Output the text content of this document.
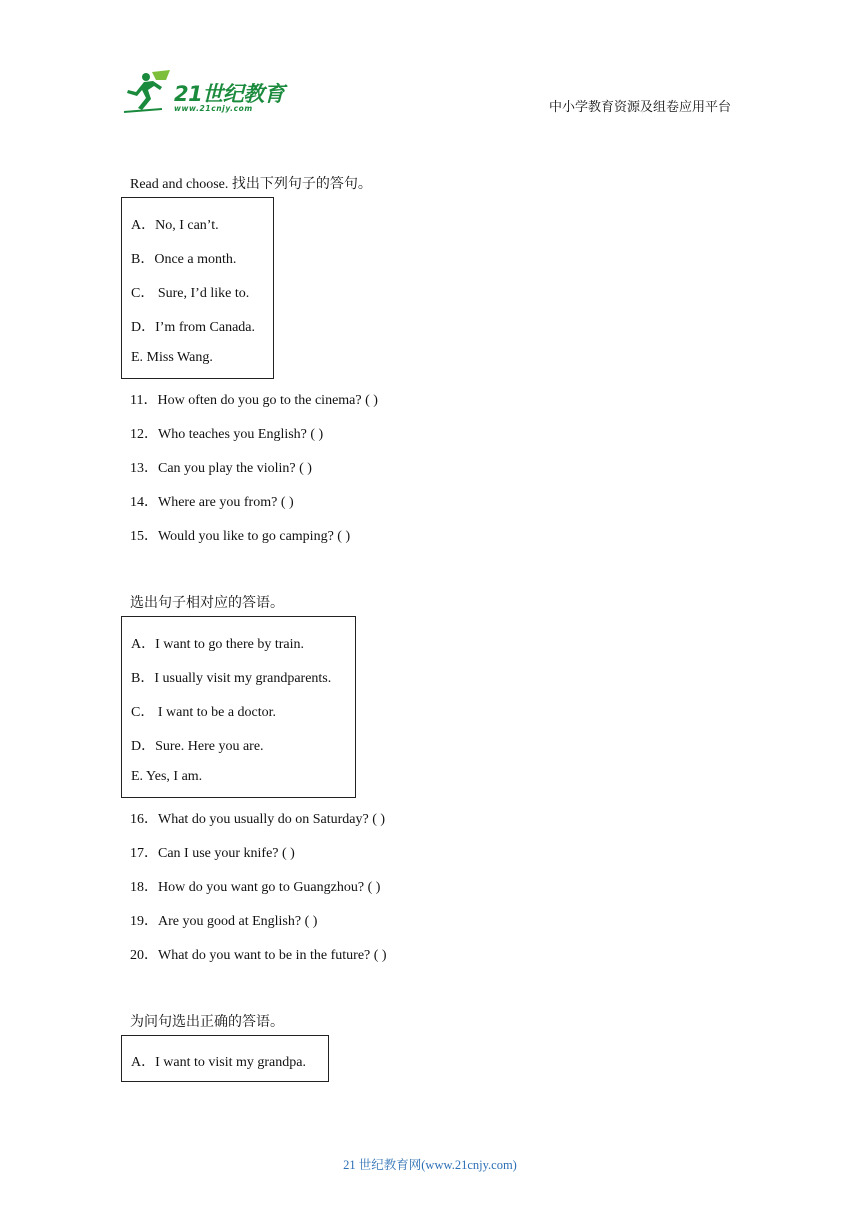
21世纪教育
www.21cnjy.com	中小学教育资源及组卷应用平台
Read and choose. 找出下列句子的答句。
A．No, I can’t.
B．Once a month.
C． Sure, I’d like to.
D．I’m from Canada.
E. Miss Wang.
11．How often do you go to the cinema? ( )
12．Who teaches you English? ( )
13．Can you play the violin? ( )
14．Where are you from? ( )
15．Would you like to go camping? ( )
选出句子相对应的答语。
A．I want to go there by train.
B．I usually visit my grandparents.
C． I want to be a doctor.
D．Sure. Here you are.
E. Yes, I am.
16．What do you usually do on Saturday? ( )
17．Can I use your knife? ( )
18．How do you want go to Guangzhou? ( )
19．Are you good at English? ( )
20．What do you want to be in the future? ( )
为问句选出正确的答语。
A．I want to visit my grandpa.
21 世纪教育网(www.21cnjy.com)
